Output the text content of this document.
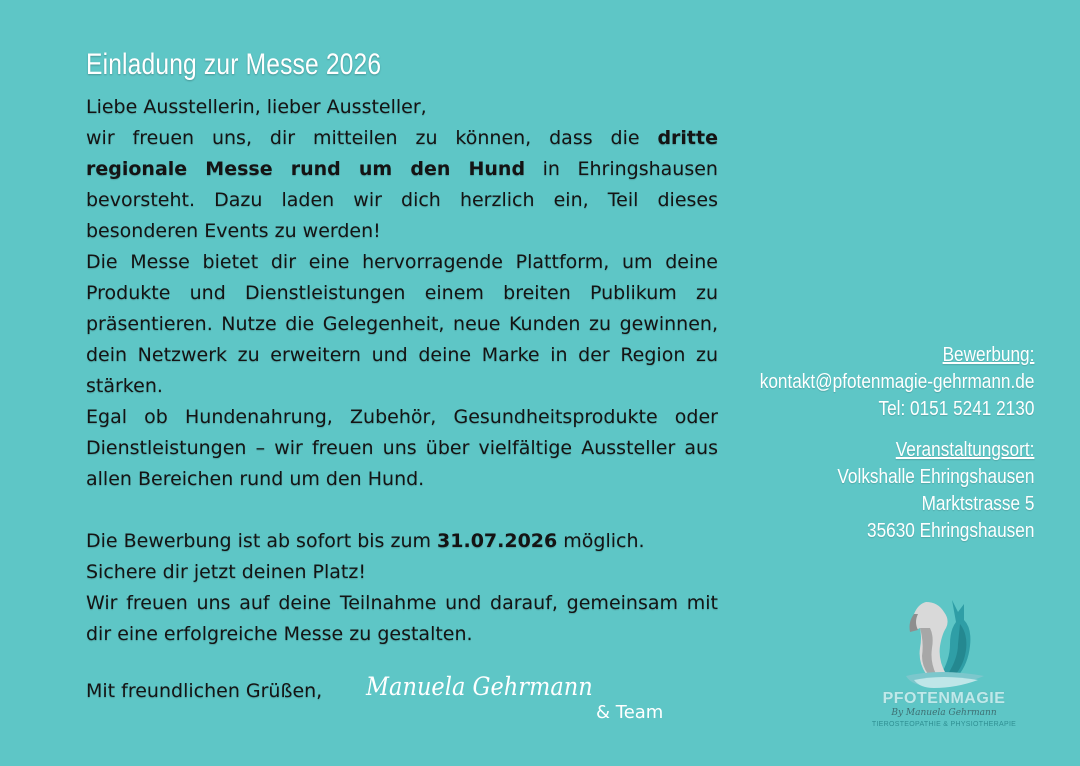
Einladung zur Messe 2026

Liebe Ausstellerin, lieber Aussteller,

wir freuen uns, dir mitteilen zu können, dass die dritte regionale Messe rund um den Hund in Ehringshausen bevorsteht. Dazu laden wir dich herzlich ein, Teil dieses besonderen Events zu werden!

Die Messe bietet dir eine hervorragende Plattform, um deine Produkte und Dienstleistungen einem breiten Publikum zu präsentieren. Nutze die Gelegenheit, neue Kunden zu gewinnen, dein Netzwerk zu erweitern und deine Marke in der Region zu stärken.

Egal ob Hundenahrung, Zubehör, Gesundheitsprodukte oder Dienstleistungen – wir freuen uns über vielfältige Aussteller aus allen Bereichen rund um den Hund.

Die Bewerbung ist ab sofort bis zum 31.07.2026 möglich.

Sichere dir jetzt deinen Platz!

Wir freuen uns auf deine Teilnahme und darauf, gemeinsam mit dir eine erfolgreiche Messe zu gestalten.

Mit freundlichen Grüßen, Manuela Gehrmann
& Team
Bewerbung:
kontakt@pfotenmagie-gehrmann.de
Tel: 0151 5241 2130
Veranstaltungsort:
Volkshalle Ehringshausen
Marktstrasse 5
35630 Ehringshausen
PFOTENMAGIE
By Manuela Gehrmann
TIEROSTEOPATHIE & PHYSIOTHERAPIE
